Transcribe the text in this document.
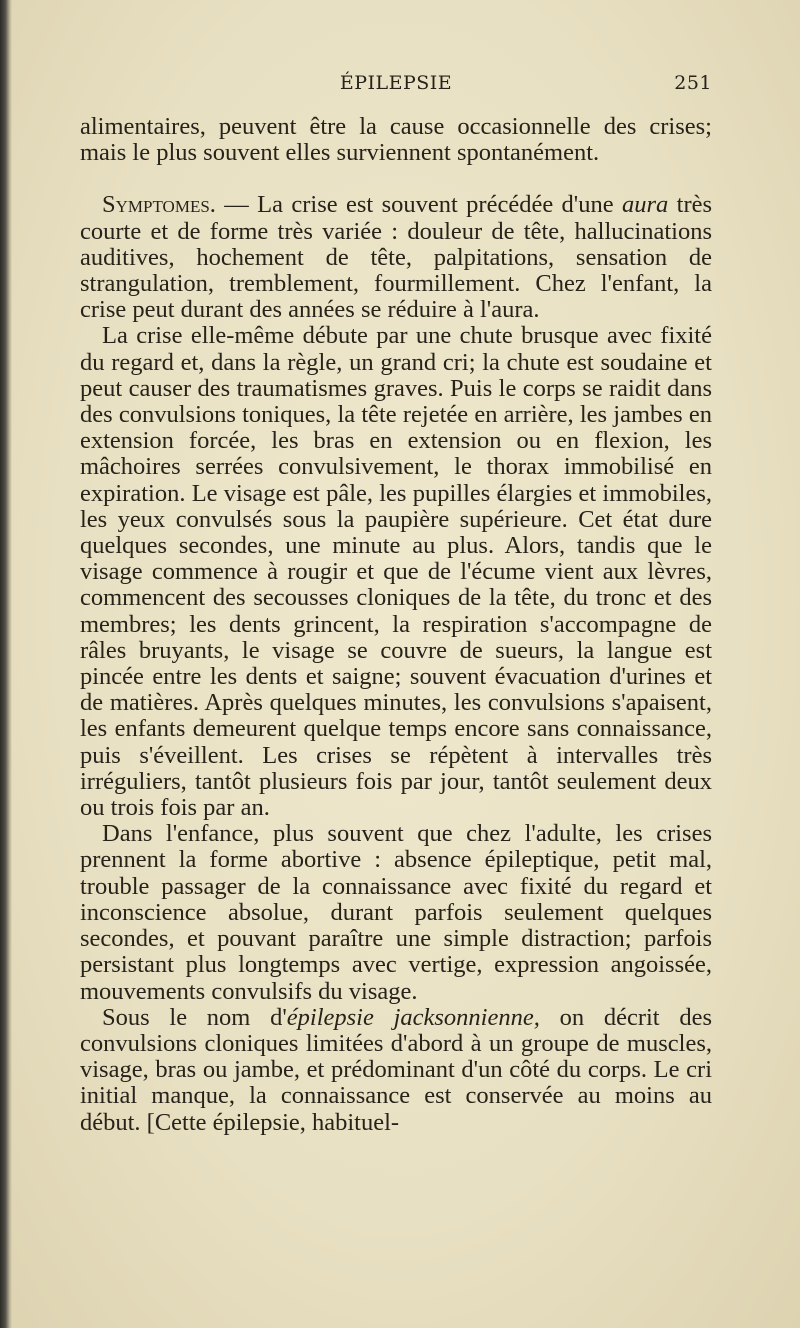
ÉPILEPSIE	251

alimentaires, peuvent être la cause occasionnelle des crises; mais le plus souvent elles surviennent spontanément.

Symptomes. — La crise est souvent précédée d'une aura très courte et de forme très variée : douleur de tête, hallucinations auditives, hochement de tête, palpitations, sensation de strangulation, tremblement, fourmillement. Chez l'enfant, la crise peut durant des années se réduire à l'aura.

La crise elle-même débute par une chute brusque avec fixité du regard et, dans la règle, un grand cri; la chute est soudaine et peut causer des traumatismes graves. Puis le corps se raidit dans des convulsions toniques, la tête rejetée en arrière, les jambes en extension forcée, les bras en extension ou en flexion, les mâchoires serrées convulsivement, le thorax immobilisé en expiration. Le visage est pâle, les pupilles élargies et immobiles, les yeux convulsés sous la paupière supérieure. Cet état dure quelques secondes, une minute au plus. Alors, tandis que le visage commence à rougir et que de l'écume vient aux lèvres, commencent des secousses cloniques de la tête, du tronc et des membres; les dents grincent, la respiration s'accompagne de râles bruyants, le visage se couvre de sueurs, la langue est pincée entre les dents et saigne; souvent évacuation d'urines et de matières. Après quelques minutes, les convulsions s'apaisent, les enfants demeurent quelque temps encore sans connaissance, puis s'éveillent. Les crises se répètent à intervalles très irréguliers, tantôt plusieurs fois par jour, tantôt seulement deux ou trois fois par an.

Dans l'enfance, plus souvent que chez l'adulte, les crises prennent la forme abortive : absence épileptique, petit mal, trouble passager de la connaissance avec fixité du regard et inconscience absolue, durant parfois seulement quelques secondes, et pouvant paraître une simple distraction; parfois persistant plus longtemps avec vertige, expression angoissée, mouvements convulsifs du visage.

Sous le nom d'épilepsie jacksonnienne, on décrit des convulsions cloniques limitées d'abord à un groupe de muscles, visage, bras ou jambe, et prédominant d'un côté du corps. Le cri initial manque, la connaissance est conservée au moins au début. [Cette épilepsie, habituel-
